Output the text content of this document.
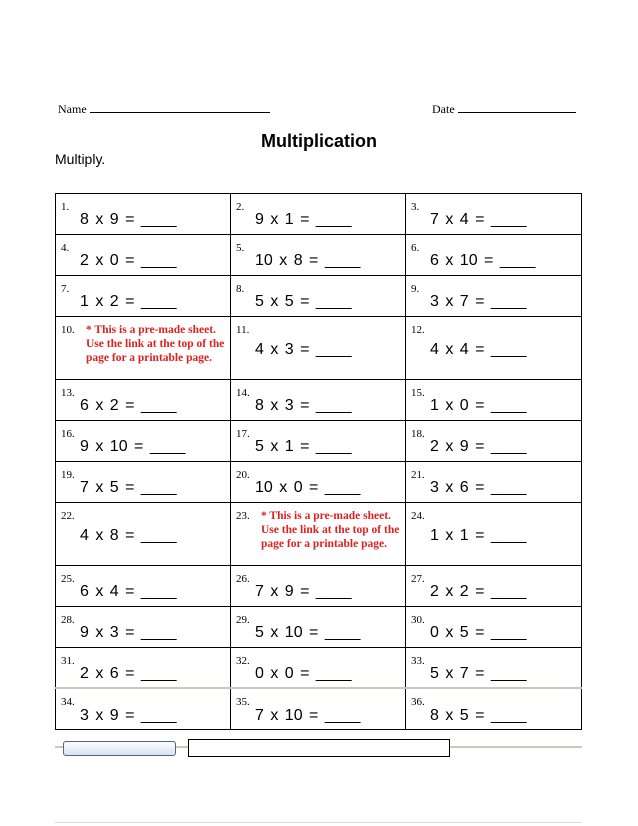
Name	Date
Multiplication
Multiply.
1.
8 x 9 = ____
2.
9 x 1 = ____
3.
7 x 4 = ____
4.
2 x 0 = ____
5.
10 x 8 = ____
6.
6 x 10 = ____
7.
1 x 2 = ____
8.
5 x 5 = ____
9.
3 x 7 = ____
10. * This is a pre-made sheet. Use the link at the top of the page for a printable page.
11.
4 x 3 = ____
12.
4 x 4 = ____
13.
6 x 2 = ____
14.
8 x 3 = ____
15.
1 x 0 = ____
16.
9 x 10 = ____
17.
5 x 1 = ____
18.
2 x 9 = ____
19.
7 x 5 = ____
20.
10 x 0 = ____
21.
3 x 6 = ____
22.
4 x 8 = ____
23. * This is a pre-made sheet. Use the link at the top of the page for a printable page.
24.
1 x 1 = ____
25.
6 x 4 = ____
26.
7 x 9 = ____
27.
2 x 2 = ____
28.
9 x 3 = ____
29.
5 x 10 = ____
30.
0 x 5 = ____
31.
2 x 6 = ____
32.
0 x 0 = ____
33.
5 x 7 = ____
34.
3 x 9 = ____
35.
7 x 10 = ____
36.
8 x 5 = ____
